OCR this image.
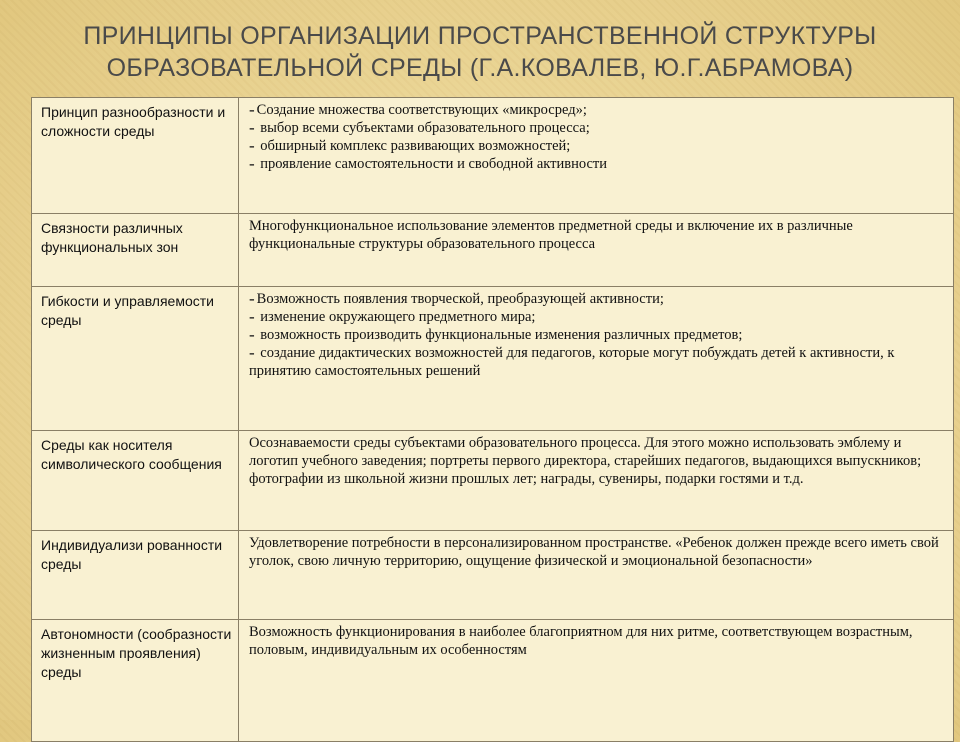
ПРИНЦИПЫ ОРГАНИЗАЦИИ ПРОСТРАНСТВЕННОЙ СТРУКТУРЫ
ОБРАЗОВАТЕЛЬНОЙ СРЕДЫ (Г.А.КОВАЛЕВ, Ю.Г.АБРАМОВА)
Принцип разнообразности и сложности среды	- Создание множества соответствующих «микросред»;
- выбор всеми субъектами образовательного процесса;
- обширный комплекс развивающих возможностей;
- проявление самостоятельности и свободной активности

Связности различных функциональных зон	Многофункциональное использование элементов предметной среды и включение их в различные функциональные структуры образовательного процесса
Гибкости и управляемости среды	- Возможность появления творческой, преобразующей активности;
- изменение окружающего предметного мира;
- возможность производить функциональные изменения различных предметов;
- создание дидактических возможностей для педагогов, которые могут побуждать детей к активности, к принятию самостоятельных решений

Среды как носителя символического сообщения	Осознаваемости среды субъектами образовательного процесса. Для этого можно использовать эмблему и логотип учебного заведения; портреты первого директора, старейших педагогов, выдающихся выпускников; фотографии из школьной жизни прошлых лет; награды, сувениры, подарки гостями и т.д.
Индивидуализи рованности среды	Удовлетворение потребности в персонализированном пространстве. «Ребенок должен прежде всего иметь свой уголок, свою личную территорию, ощущение физической и эмоциональной безопасности»
Автономности (сообразности жизненным проявления) среды	Возможность функционирования в наиболее благоприятном для них ритме, соответствующем возрастным, половым, индивидуальным их особенностям
